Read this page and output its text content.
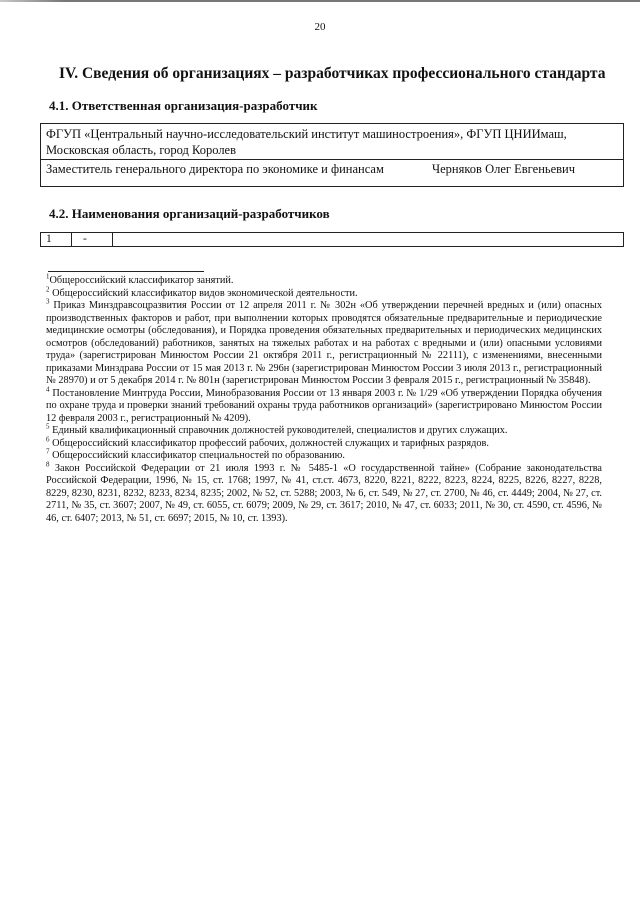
20
IV. Сведения об организациях – разработчиках профессионального стандарта
4.1. Ответственная организация-разработчик
ФГУП «Центральный научно-исследовательский институт машиностроения», ФГУП ЦНИИмаш,
Московская область, город Королев
Заместитель генерального директора по экономике и финансам	Черняков Олег Евгеньевич
4.2. Наименования организаций-разработчиков
1	-

$^1$Общероссийский классификатор занятий.

$^2$ Общероссийский классификатор видов экономической деятельности.

$^3$ Приказ Минздравсоцразвития России от 12 апреля 2011 г. № 302н «Об утверждении перечней вредных и (или) опасных производственных факторов и работ, при выполнении которых проводятся обязательные предварительные и периодические медицинские осмотры (обследования), и Порядка проведения обязательных предварительных и периодических медицинских осмотров (обследований) работников, занятых на тяжелых работах и на работах с вредными и (или) опасными условиями труда» (зарегистрирован Минюстом России 21 октября 2011 г., регистрационный № 22111), с изменениями, внесенными приказами Минздрава России от 15 мая 2013 г. № 296н (зарегистрирован Минюстом России 3 июля 2013 г., регистрационный № 28970) и от 5 декабря 2014 г. № 801н (зарегистрирован Минюстом России 3 февраля 2015 г., регистрационный № 35848).

$^4$ Постановление Минтруда России, Минобразования России от 13 января 2003 г. № 1/29 «Об утверждении Порядка обучения по охране труда и проверки знаний требований охраны труда работников организаций» (зарегистрировано Минюстом России 12 февраля 2003 г., регистрационный № 4209).

$^5$ Единый квалификационный справочник должностей руководителей, специалистов и других служащих.

$^6$ Общероссийский классификатор профессий рабочих, должностей служащих и тарифных разрядов.

$^7$ Общероссийский классификатор специальностей по образованию.

$^8$ Закон Российской Федерации от 21 июля 1993 г. № 5485-1 «О государственной тайне» (Собрание законодательства Российской Федерации, 1996, № 15, ст. 1768; 1997, № 41, ст.ст. 4673, 8220, 8221, 8222, 8223, 8224, 8225, 8226, 8227, 8228, 8229, 8230, 8231, 8232, 8233, 8234, 8235; 2002, № 52, ст. 5288; 2003, № 6, ст. 549, № 27, ст. 2700, № 46, ст. 4449; 2004, № 27, ст. 2711, № 35, ст. 3607; 2007, № 49, ст. 6055, ст. 6079; 2009, № 29, ст. 3617; 2010, № 47, ст. 6033; 2011, № 30, ст. 4590, ст. 4596, № 46, ст. 6407; 2013, № 51, ст. 6697; 2015, № 10, ст. 1393).
